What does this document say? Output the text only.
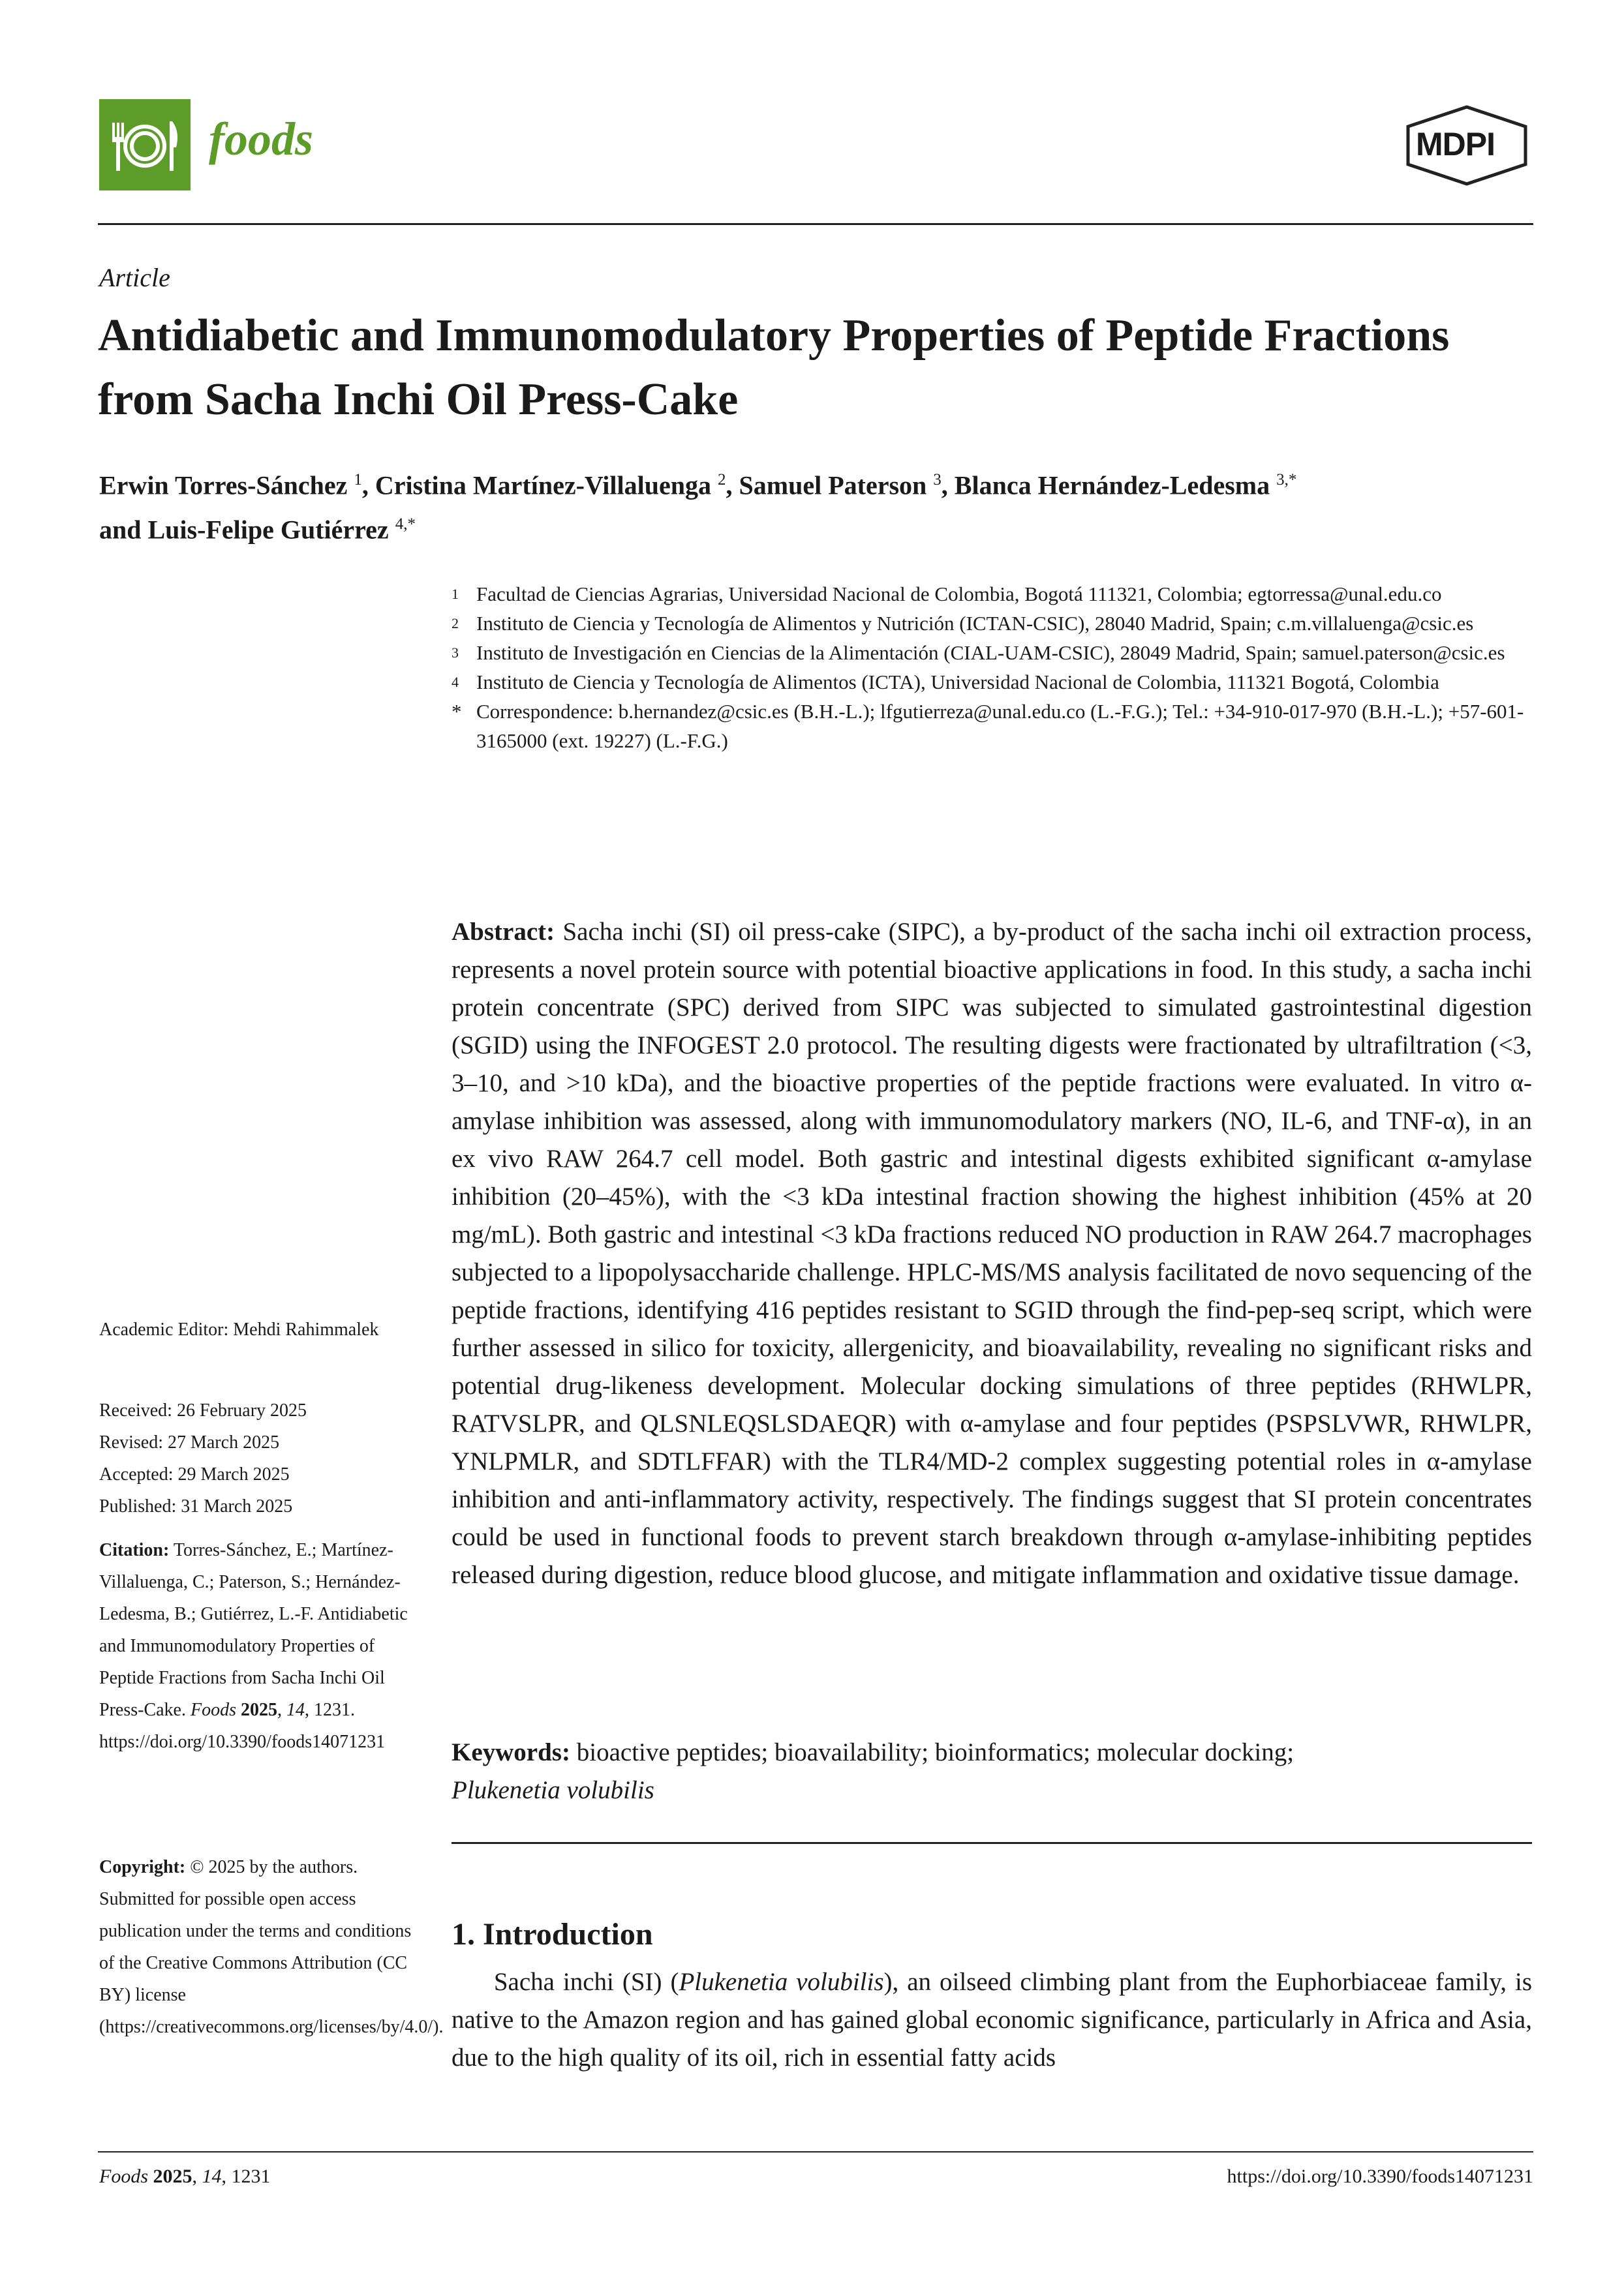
foods	MDPI
Article
Antidiabetic and Immunomodulatory Properties of Peptide Fractions from Sacha Inchi Oil Press-Cake
Erwin Torres-Sánchez $^1$, Cristina Martínez-Villaluenga $^2$, Samuel Paterson $^3$, Blanca Hernández-Ledesma $^{3,*}$
and Luis-Felipe Gutiérrez $^{4,*}$
1 Facultad de Ciencias Agrarias, Universidad Nacional de Colombia, Bogotá 111321, Colombia; egtorressa@unal.edu.co
2 Instituto de Ciencia y Tecnología de Alimentos y Nutrición (ICTAN-CSIC), 28040 Madrid, Spain; c.m.villaluenga@csic.es
3 Instituto de Investigación en Ciencias de la Alimentación (CIAL-UAM-CSIC), 28049 Madrid, Spain; samuel.paterson@csic.es
4 Instituto de Ciencia y Tecnología de Alimentos (ICTA), Universidad Nacional de Colombia, 111321 Bogotá, Colombia
* Correspondence: b.hernandez@csic.es (B.H.-L.); lfgutierreza@unal.edu.co (L.-F.G.); Tel.: +34-910-017-970 (B.H.-L.); +57-601-3165000 (ext. 19227) (L.-F.G.)
Abstract: Sacha inchi (SI) oil press-cake (SIPC), a by-product of the sacha inchi oil extraction process, represents a novel protein source with potential bioactive applications in food. In this study, a sacha inchi protein concentrate (SPC) derived from SIPC was subjected to simulated gastrointestinal digestion (SGID) using the INFOGEST 2.0 protocol. The resulting digests were fractionated by ultrafiltration (<3, 3–10, and >10 kDa), and the bioactive properties of the peptide fractions were evaluated. In vitro α-amylase inhibition was assessed, along with immunomodulatory markers (NO, IL-6, and TNF-α), in an ex vivo RAW 264.7 cell model. Both gastric and intestinal digests exhibited significant α-amylase inhibition (20–45%), with the <3 kDa intestinal fraction showing the highest inhibition (45% at 20 mg/mL). Both gastric and intestinal <3 kDa fractions reduced NO production in RAW 264.7 macrophages subjected to a lipopolysaccharide challenge. HPLC-MS/MS analysis facilitated de novo sequencing of the peptide fractions, identifying 416 peptides resistant to SGID through the find-pep-seq script, which were further assessed in silico for toxicity, allergenicity, and bioavailability, revealing no significant risks and potential drug-likeness development. Molecular docking simulations of three peptides (RHWLPR, RATVSLPR, and QLSNLEQSLSDAEQR) with α-amylase and four peptides (PSPSLVWR, RHWLPR, YNLPMLR, and SDTLFFAR) with the TLR4/MD-2 complex suggesting potential roles in α-amylase inhibition and anti-inflammatory activity, respectively. The findings suggest that SI protein concentrates could be used in functional foods to prevent starch breakdown through α-amylase-inhibiting peptides released during digestion, reduce blood glucose, and mitigate inflammation and oxidative tissue damage.
Keywords: bioactive peptides; bioavailability; bioinformatics; molecular docking;
Plukenetia volubilis
1. Introduction
Sacha inchi (SI) (Plukenetia volubilis), an oilseed climbing plant from the Euphorbiaceae family, is native to the Amazon region and has gained global economic significance, particularly in Africa and Asia, due to the high quality of its oil, rich in essential fatty acids
Academic Editor: Mehdi Rahimmalek
Received: 26 February 2025
Revised: 27 March 2025
Accepted: 29 March 2025
Published: 31 March 2025
Citation: Torres-Sánchez, E.; Martínez-Villaluenga, C.; Paterson, S.; Hernández-Ledesma, B.; Gutiérrez, L.-F. Antidiabetic and Immunomodulatory Properties of Peptide Fractions from Sacha Inchi Oil Press-Cake. Foods 2025, 14, 1231. https://doi.org/10.3390/foods14071231
Copyright: © 2025 by the authors. Submitted for possible open access publication under the terms and conditions of the Creative Commons Attribution (CC BY) license (https://creativecommons.org/licenses/by/4.0/).
Foods 2025, 14, 1231	https://doi.org/10.3390/foods14071231
